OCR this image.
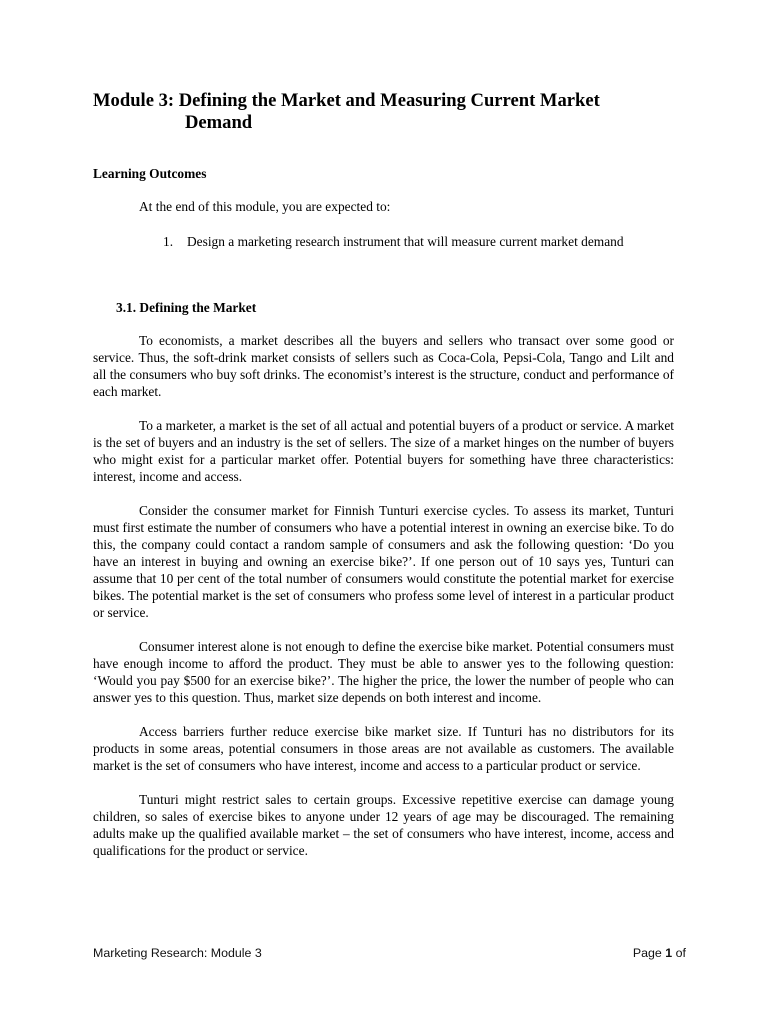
Module 3: Defining the Market and Measuring Current Market
Demand
Learning Outcomes

At the end of this module, you are expected to:

1. Design a marketing research instrument that will measure current market demand
3.1. Defining the Market

To economists, a market describes all the buyers and sellers who transact over some good or service. Thus, the soft-drink market consists of sellers such as Coca-Cola, Pepsi-Cola, Tango and Lilt and all the consumers who buy soft drinks. The economist’s interest is the structure, conduct and performance of each market.

To a marketer, a market is the set of all actual and potential buyers of a product or service. A market is the set of buyers and an industry is the set of sellers. The size of a market hinges on the number of buyers who might exist for a particular market offer. Potential buyers for something have three characteristics: interest, income and access.

Consider the consumer market for Finnish Tunturi exercise cycles. To assess its market, Tunturi must first estimate the number of consumers who have a potential interest in owning an exercise bike. To do this, the company could contact a random sample of consumers and ask the following question: ‘Do you have an interest in buying and owning an exercise bike?’. If one person out of 10 says yes, Tunturi can assume that 10 per cent of the total number of consumers would constitute the potential market for exercise bikes. The potential market is the set of consumers who profess some level of interest in a particular product or service.

Consumer interest alone is not enough to define the exercise bike market. Potential consumers must have enough income to afford the product. They must be able to answer yes to the following question: ‘Would you pay $500 for an exercise bike?’. The higher the price, the lower the number of people who can answer yes to this question. Thus, market size depends on both interest and income.

Access barriers further reduce exercise bike market size. If Tunturi has no distributors for its products in some areas, potential consumers in those areas are not available as customers. The available market is the set of consumers who have interest, income and access to a particular product or service.

Tunturi might restrict sales to certain groups. Excessive repetitive exercise can damage young children, so sales of exercise bikes to anyone under 12 years of age may be discouraged. The remaining adults make up the qualified available market – the set of consumers who have interest, income, access and qualifications for the product or service.

Marketing Research: Module 3	Page 1 of
